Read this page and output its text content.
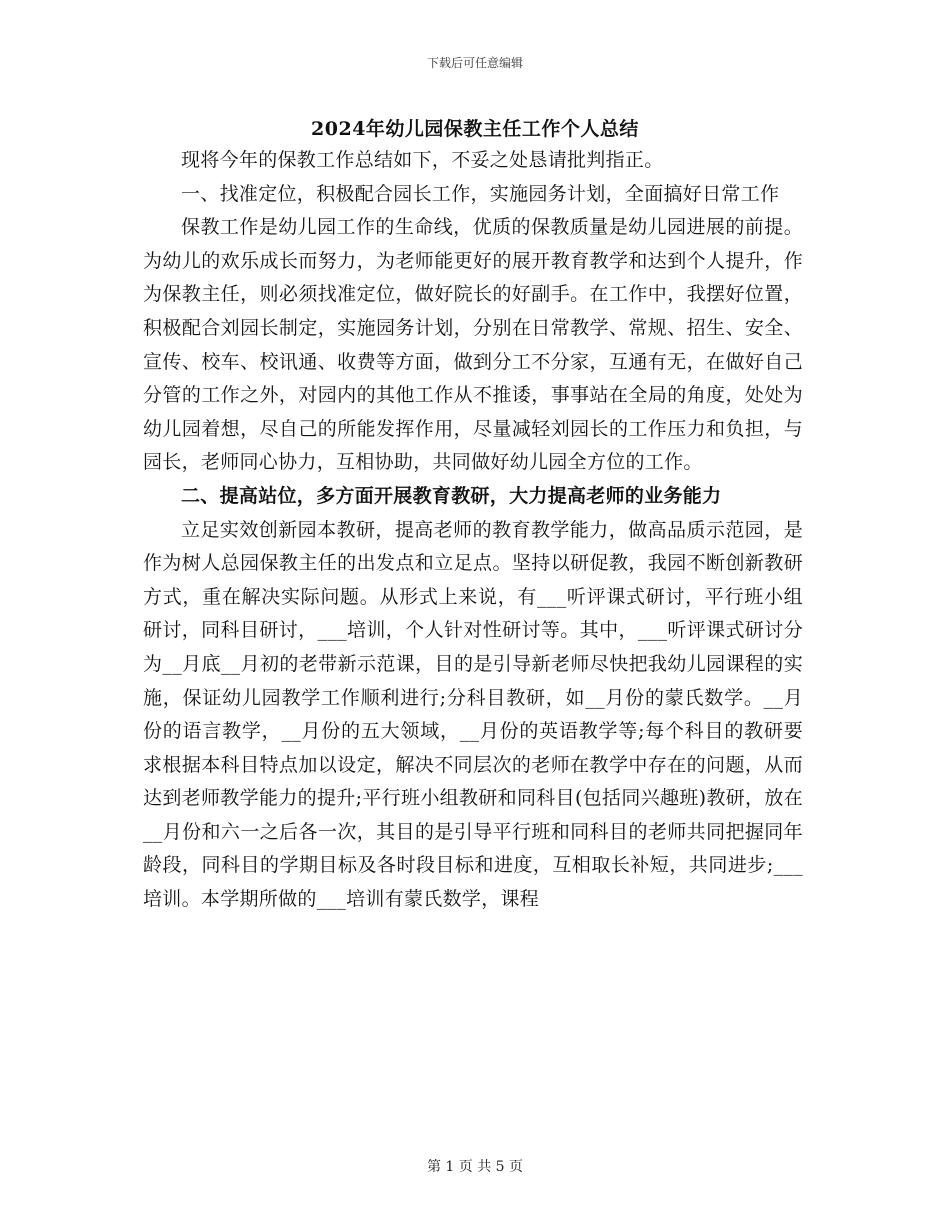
下载后可任意编辑
2024年幼儿园保教主任工作个人总结

现将今年的保教工作总结如下，不妥之处恳请批判指正。

一、找准定位，积极配合园长工作，实施园务计划，全面搞好日常工作

保教工作是幼儿园工作的生命线，优质的保教质量是幼儿园进展的前提。为幼儿的欢乐成长而努力，为老师能更好的展开教育教学和达到个人提升，作为保教主任，则必须找准定位，做好院长的好副手。在工作中，我摆好位置，积极配合刘园长制定，实施园务计划，分别在日常教学、常规、招生、安全、宣传、校车、校讯通、收费等方面，做到分工不分家，互通有无，在做好自己分管的工作之外，对园内的其他工作从不推诿，事事站在全局的角度，处处为幼儿园着想，尽自己的所能发挥作用，尽量减轻刘园长的工作压力和负担，与园长，老师同心协力，互相协助，共同做好幼儿园全方位的工作。

二、提高站位，多方面开展教育教研，大力提高老师的业务能力

立足实效创新园本教研，提高老师的教育教学能力，做高品质示范园，是作为树人总园保教主任的出发点和立足点。坚持以研促教，我园不断创新教研方式，重在解决实际问题。从形式上来说，有___听评课式研讨，平行班小组研讨，同科目研讨，___培训，个人针对性研讨等。其中，___听评课式研讨分为__月底__月初的老带新示范课，目的是引导新老师尽快把我幼儿园课程的实施，保证幼儿园教学工作顺利进行;分科目教研，如__月份的蒙氏数学。__月份的语言教学，__月份的五大领域，__月份的英语教学等;每个科目的教研要求根据本科目特点加以设定，解决不同层次的老师在教学中存在的问题，从而达到老师教学能力的提升;平行班小组教研和同科目(包括同兴趣班)教研，放在__月份和六一之后各一次，其目的是引导平行班和同科目的老师共同把握同年龄段，同科目的学期目标及各时段目标和进度，互相取长补短，共同进步;___培训。本学期所做的___培训有蒙氏数学，课程

第 1 页 共 5 页
